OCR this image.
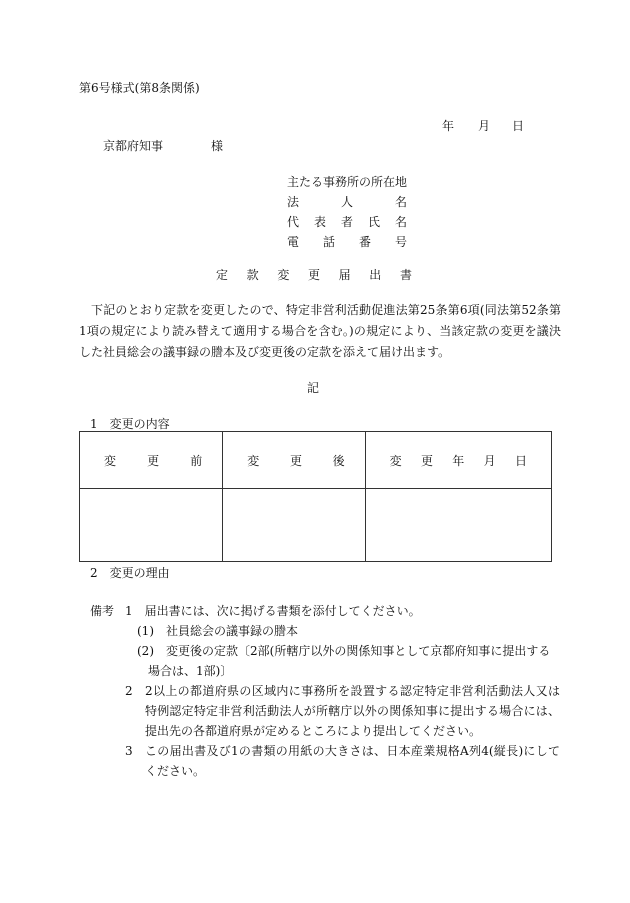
第6号様式(第8条関係)
年 月 日
京都府知事	様
主たる事務所の所在地
法	人	名
代 表 者 氏 名
電 話 番 号
定 款 変 更 届 出 書
下記のとおり定款を変更したので、特定非営利活動促進法第25条第6項(同法第52条第1項の規定により読み替えて適用する場合を含む。)の規定により、当該定款の変更を議決した社員総会の議事録の謄本及び変更後の定款を添えて届け出ます。
記
1　変更の内容
変 更 前	変 更 後	変 更 年 月 日

2　変更の理由
備考 1　届出書には、次に掲げる書類を添付してください。
(1)　社員総会の議事録の謄本
(2)　変更後の定款〔2部(所轄庁以外の関係知事として京都府知事に提出する
場合は、1部)〕
2	2以上の都道府県の区域内に事務所を設置する認定特定非営利活動法人又は特例認定特定非営利活動法人が所轄庁以外の関係知事に提出する場合には、提出先の各都道府県が定めるところにより提出してください。
3	この届出書及び1の書類の用紙の大きさは、日本産業規格A列4(縦長)にしてください。
